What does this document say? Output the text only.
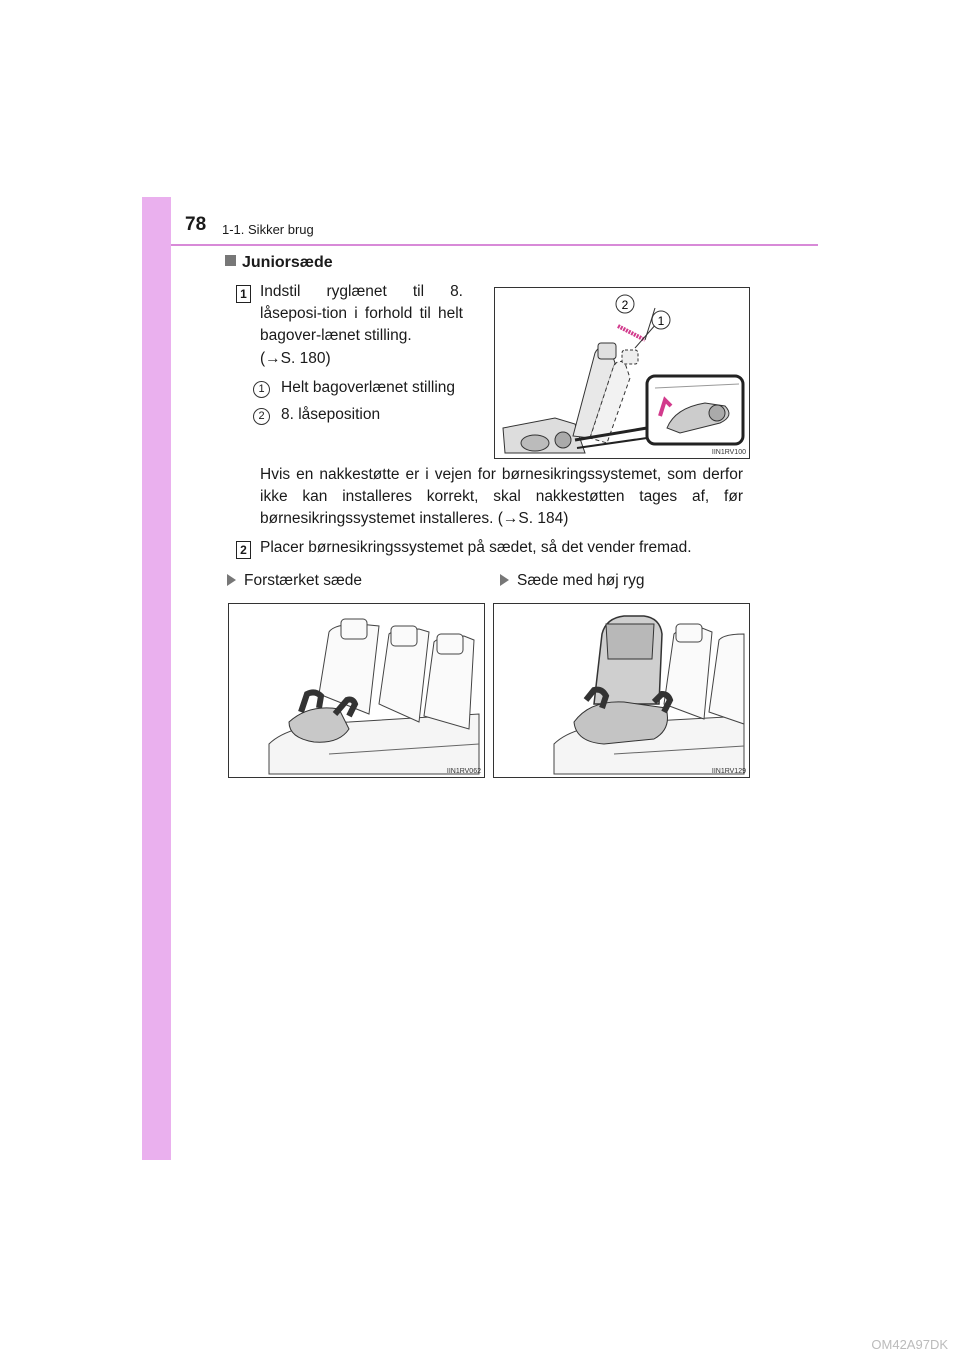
78 1-1. Sikker brug
Juniorsæde
1 Indstil ryglænet til 8. låseposi-tion i forhold til helt bagover-lænet stilling.
(→S. 180)
1	Helt bagoverlænet stilling
2	8. låseposition
2
1
IIN1RV100
Hvis en nakkestøtte er i vejen for børnesikringssystemet, som derfor ikke kan installeres korrekt, skal nakkestøtten tages af, før børnesikringssystemet installeres. (→S. 184)
2 Placer børnesikringssystemet på sædet, så det vender fremad.
Forstærket sæde	Sæde med høj ryg
IIN1RV062	IIN1RV129
OM42A97DK
